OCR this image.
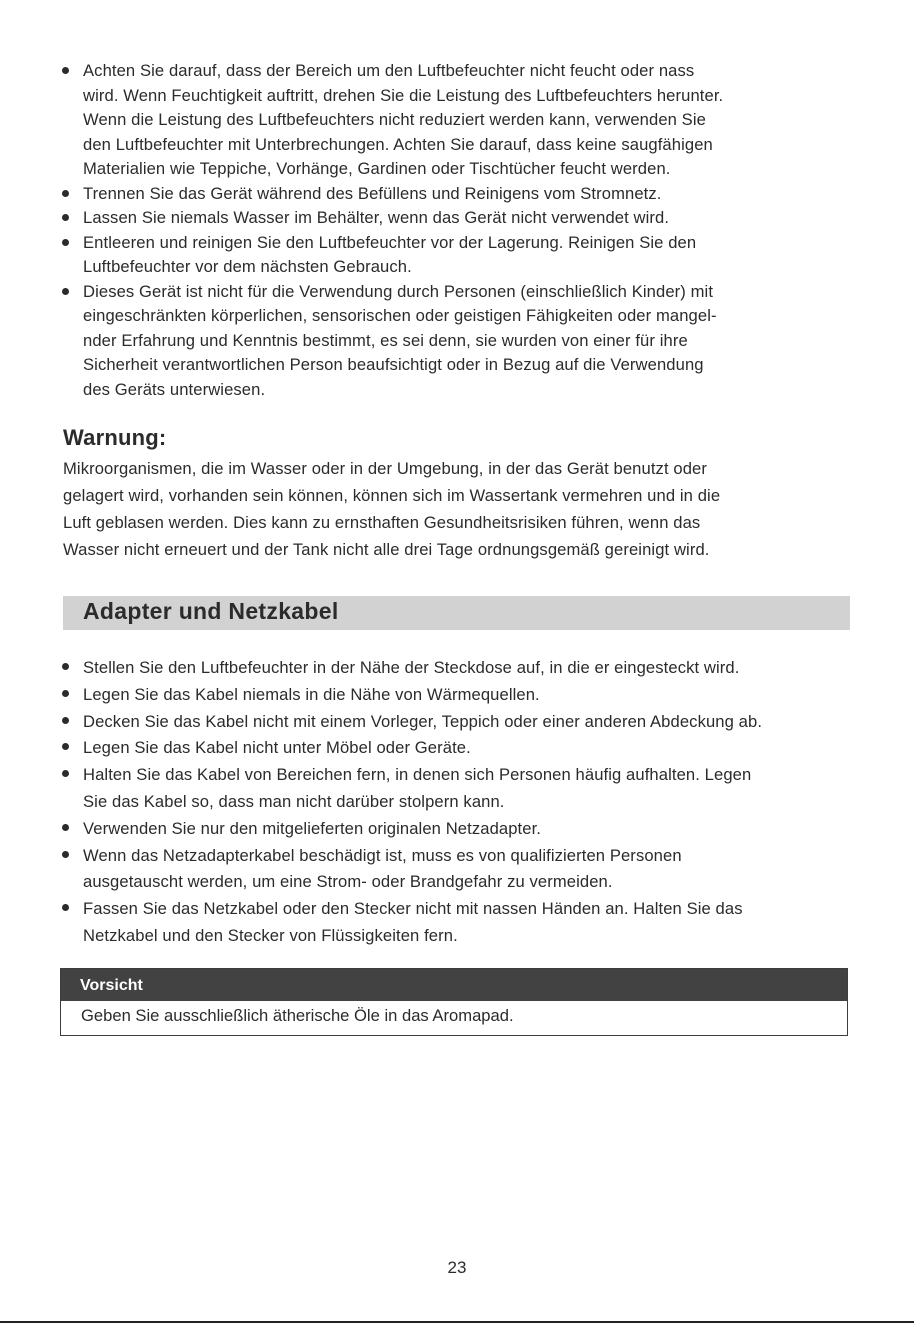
Achten Sie darauf, dass der Bereich um den Luftbefeuchter nicht feucht oder nass
wird. Wenn Feuchtigkeit auftritt, drehen Sie die Leistung des Luftbefeuchters herunter.
Wenn die Leistung des Luftbefeuchters nicht reduziert werden kann, verwenden Sie
den Luftbefeuchter mit Unterbrechungen. Achten Sie darauf, dass keine saugfähigen
Materialien wie Teppiche, Vorhänge, Gardinen oder Tischtücher feucht werden.
Trennen Sie das Gerät während des Befüllens und Reinigens vom Stromnetz.
Lassen Sie niemals Wasser im Behälter, wenn das Gerät nicht verwendet wird.
Entleeren und reinigen Sie den Luftbefeuchter vor der Lagerung. Reinigen Sie den
Luftbefeuchter vor dem nächsten Gebrauch.
Dieses Gerät ist nicht für die Verwendung durch Personen (einschließlich Kinder) mit
eingeschränkten körperlichen, sensorischen oder geistigen Fähigkeiten oder mangel-
nder Erfahrung und Kenntnis bestimmt, es sei denn, sie wurden von einer für ihre
Sicherheit verantwortlichen Person beaufsichtigt oder in Bezug auf die Verwendung
des Geräts unterwiesen.
Warnung:

Mikroorganismen, die im Wasser oder in der Umgebung, in der das Gerät benutzt oder
gelagert wird, vorhanden sein können, können sich im Wassertank vermehren und in die
Luft geblasen werden. Dies kann zu ernsthaften Gesundheitsrisiken führen, wenn das
Wasser nicht erneuert und der Tank nicht alle drei Tage ordnungsgemäß gereinigt wird.

Adapter und Netzkabel
Stellen Sie den Luftbefeuchter in der Nähe der Steckdose auf, in die er eingesteckt wird.
Legen Sie das Kabel niemals in die Nähe von Wärmequellen.
Decken Sie das Kabel nicht mit einem Vorleger, Teppich oder einer anderen Abdeckung ab.
Legen Sie das Kabel nicht unter Möbel oder Geräte.
Halten Sie das Kabel von Bereichen fern, in denen sich Personen häufig aufhalten. Legen
Sie das Kabel so, dass man nicht darüber stolpern kann.
Verwenden Sie nur den mitgelieferten originalen Netzadapter.
Wenn das Netzadapterkabel beschädigt ist, muss es von qualifizierten Personen
ausgetauscht werden, um eine Strom- oder Brandgefahr zu vermeiden.
Fassen Sie das Netzkabel oder den Stecker nicht mit nassen Händen an. Halten Sie das
Netzkabel und den Stecker von Flüssigkeiten fern.
Vorsicht
Geben Sie ausschließlich ätherische Öle in das Aromapad.
23
